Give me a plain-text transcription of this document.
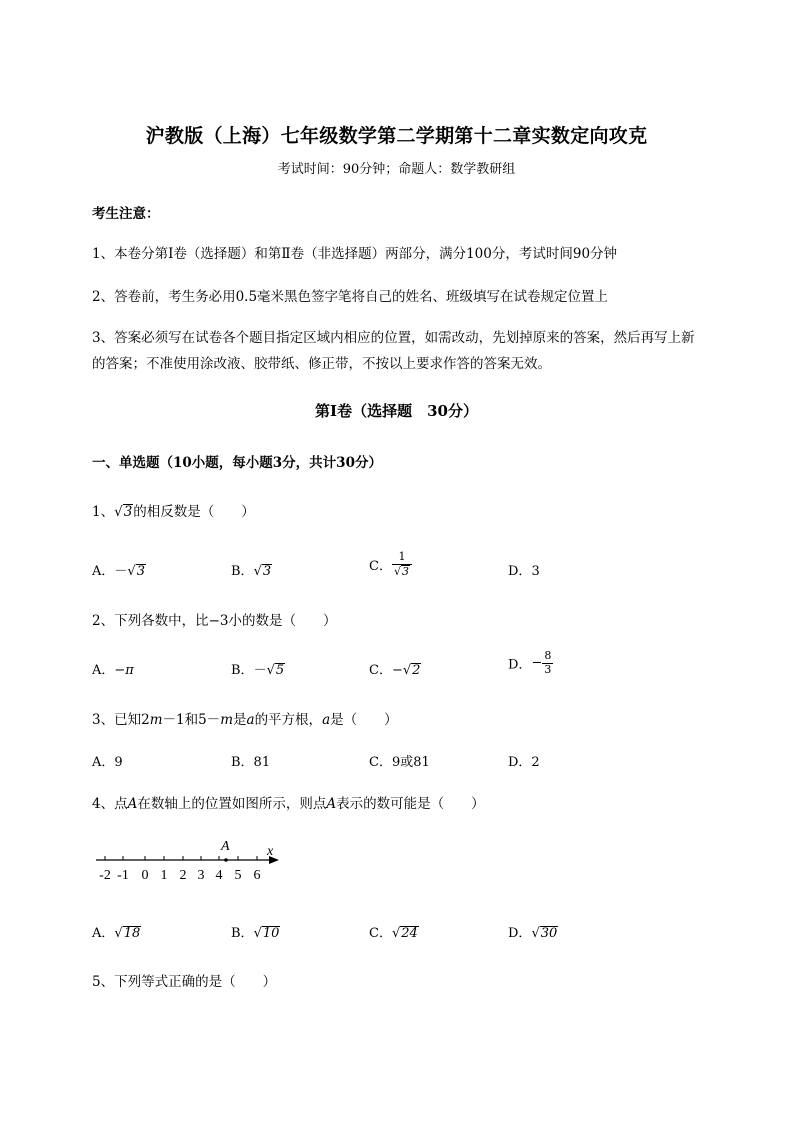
沪教版（上海）七年级数学第二学期第十二章实数定向攻克
考试时间：90分钟；命题人：数学教研组
考生注意：
1、本卷分第Ⅰ卷（选择题）和第Ⅱ卷（非选择题）两部分，满分100分，考试时间90分钟
2、答卷前，考生务必用0.5毫米黑色签字笔将自己的姓名、班级填写在试卷规定位置上
3、答案必须写在试卷各个题目指定区域内相应的位置，如需改动，先划掉原来的答案，然后再写上新
的答案；不准使用涂改液、胶带纸、修正带，不按以上要求作答的答案无效。
第Ⅰ卷（选择题　30分）
一、单选题（10小题，每小题3分，共计30分）
1、√3的相反数是（　　）
A．－√3	B．√3	C． $\frac{1}{√3}$	D．3
2、下列各数中，比−3小的数是（　　）
A．−π	B．－√5	C．−√2	D．− $\frac{8}{3}$
3、已知2m－1和5－m是a的平方根，a是（　　）
A．9	B．81	C．9或81	D．2
4、点A在数轴上的位置如图所示，则点A表示的数可能是（　　）
A	x
-2 -1 0 1 2 3 4 5 6
A．√18	B．√10	C．√24	D．√30
5、下列等式正确的是（　　）
